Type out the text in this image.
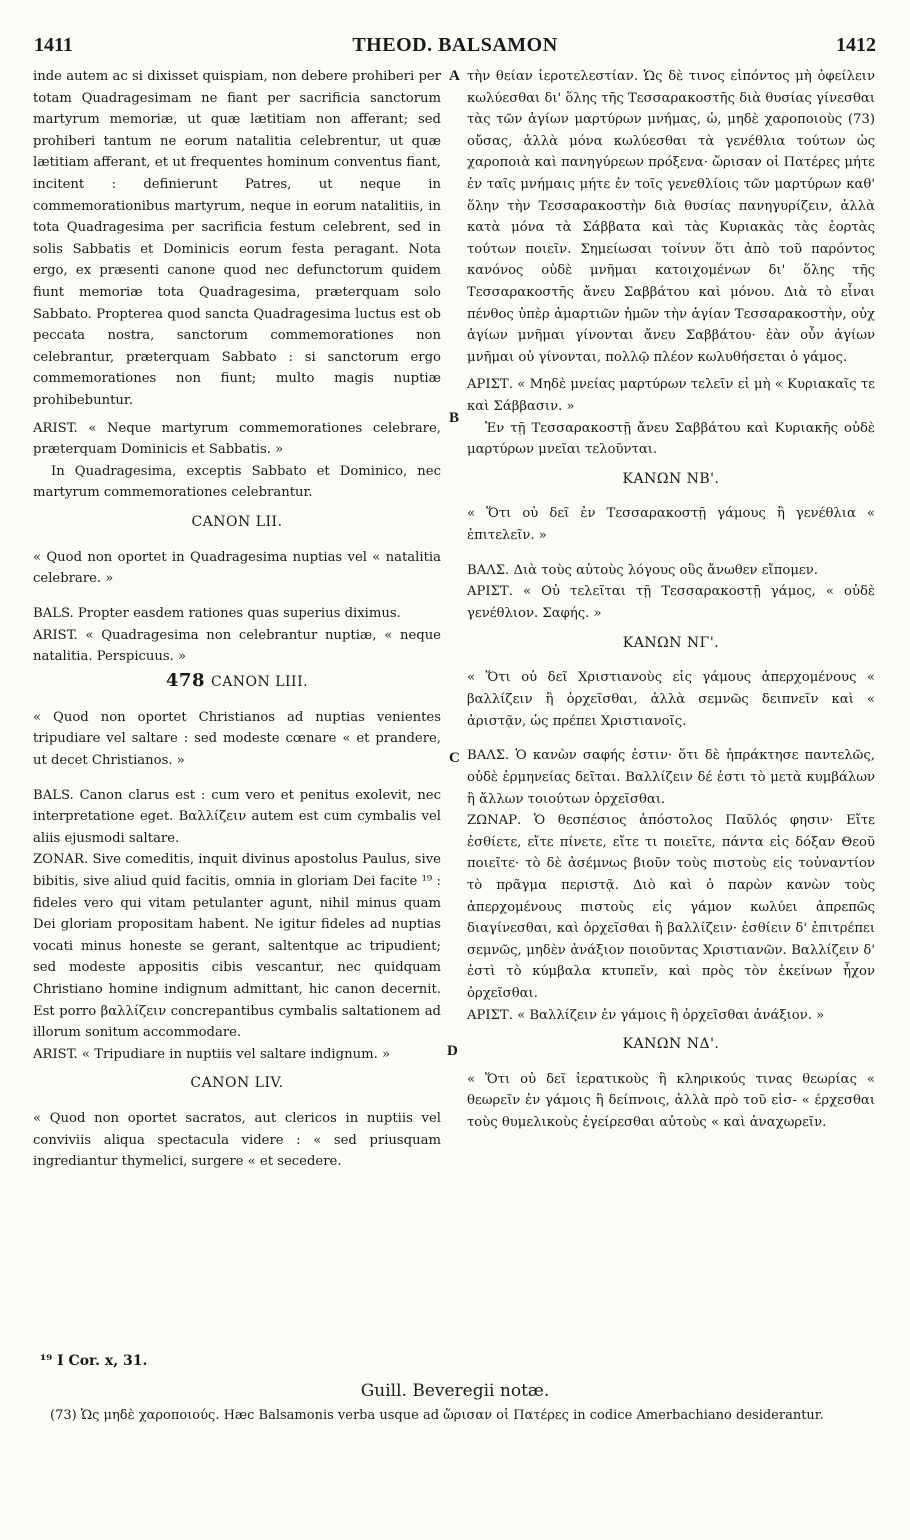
1411	THEOD. BALSAMON	1412
A
B
C
D

inde autem ac si dixisset quispiam, non debere prohiberi per totam Quadragesimam ne fiant per sacrificia sanctorum martyrum memoriæ, ut quæ lætitiam non afferant; sed prohiberi tantum ne eorum natalitia celebrentur, ut quæ lætitiam afferant, et ut frequentes hominum conventus fiant, incitent : definierunt Patres, ut neque in commemorationibus martyrum, neque in eorum natalitiis, in tota Quadragesima per sacrificia festum celebrent, sed in solis Sabbatis et Dominicis eorum festa peragant. Nota ergo, ex præsenti canone quod nec defunctorum quidem fiunt memoriæ tota Quadragesima, præterquam solo Sabbato. Propterea quod sancta Quadragesima luctus est ob peccata nostra, sanctorum commemorationes non celebrantur, præterquam Sabbato : si sanctorum ergo commemorationes non fiunt; multo magis nuptiæ prohibebuntur.

ARIST. « Neque martyrum commemorationes celebrare, præterquam Dominicis et Sabbatis. »

In Quadragesima, exceptis Sabbato et Dominico, nec martyrum commemorationes celebrantur.

CANON LII.

« Quod non oportet in Quadragesima nuptias vel « natalitia celebrare. »

BALS. Propter easdem rationes quas superius diximus.

ARIST. « Quadragesima non celebrantur nuptiæ, « neque natalitia. Perspicuus. »

478 CANON LIII.

« Quod non oportet Christianos ad nuptias venientes tripudiare vel saltare : sed modeste cœnare « et prandere, ut decet Christianos. »

BALS. Canon clarus est : cum vero et penitus exolevit, nec interpretatione eget. Βαλλίζειν autem est cum cymbalis vel aliis ejusmodi saltare.

ZONAR. Sive comeditis, inquit divinus apostolus Paulus, sive bibitis, sive aliud quid facitis, omnia in gloriam Dei facite ¹⁹ : fideles vero qui vitam petulanter agunt, nihil minus quam Dei gloriam propositam habent. Ne igitur fideles ad nuptias vocati minus honeste se gerant, saltentque ac tripudient; sed modeste appositis cibis vescantur, nec quidquam Christiano homine indignum admittant, hic canon decernit. Est porro βαλλίζειν concrepantibus cymbalis saltationem ad illorum sonitum accommodare.

ARIST. « Tripudiare in nuptiis vel saltare indignum. »

CANON LIV.

« Quod non oportet sacratos, aut clericos in nuptiis vel conviviis aliqua spectacula videre : « sed priusquam ingrediantur thymelici, surgere « et secedere.

τὴν θείαν ἱεροτελεστίαν. Ὡς δὲ τινος εἰπόντος μὴ ὀφείλειν κωλύεσθαι δι' ὅλης τῆς Τεσσαρακοστῆς διὰ θυσίας γίνεσθαι τὰς τῶν ἁγίων μαρτύρων μνήμας, ὡ, μηδὲ χαροποιοὺς (73) οὔσας, ἀλλὰ μόνα κωλύεσθαι τὰ γενέθλια τούτων ὡς χαροποιὰ καὶ πανηγύρεων πρόξενα· ὥρισαν οἱ Πατέρες μήτε ἐν ταῖς μνήμαις μήτε ἐν τοῖς γενεθλίοις τῶν μαρτύρων καθ' ὅλην τὴν Τεσσαρακοστὴν διὰ θυσίας πανηγυρίζειν, ἀλλὰ κατὰ μόνα τὰ Σάββατα καὶ τὰς Κυριακὰς τὰς ἑορτὰς τούτων ποιεῖν. Σημείωσαι τοίνυν ὅτι ἀπὸ τοῦ παρόντος κανόνος οὐδὲ μνῆμαι κατοιχομένων δι' ὅλης τῆς Τεσσαρακοστῆς ἄνευ Σαββάτου καὶ μόνου. Διὰ τὸ εἶναι πένθος ὑπὲρ ἁμαρτιῶν ἡμῶν τὴν ἁγίαν Τεσσαρακοστὴν, οὐχ ἁγίων μνῆμαι γίνονται ἄνευ Σαββάτου· ἐὰν οὖν ἁγίων μνῆμαι οὐ γίνονται, πολλῷ πλέον κωλυθήσεται ὁ γάμος.

ΑΡΙΣΤ. « Μηδὲ μνείας μαρτύρων τελεῖν εἰ μὴ « Κυριακαῖς τε καὶ Σάββασιν. »

Ἐν τῇ Τεσσαρακοστῇ ἄνευ Σαββάτου καὶ Κυριακῆς οὐδὲ μαρτύρων μνεῖαι τελοῦνται.

ΚΑΝΩΝ ΝΒ'.

« Ὅτι οὐ δεῖ ἐν Τεσσαρακοστῇ γάμους ἢ γενέθλια « ἐπιτελεῖν. »

ΒΑΛΣ. Διὰ τοὺς αὐτοὺς λόγους οὓς ἄνωθεν εἴπομεν.

ΑΡΙΣΤ. « Οὐ τελεῖται τῇ Τεσσαρακοστῇ γάμος, « οὐδὲ γενέθλιον. Σαφής. »

ΚΑΝΩΝ ΝΓ'.

« Ὅτι οὐ δεῖ Χριστιανοὺς εἰς γάμους ἀπερχομένους « βαλλίζειν ἢ ὀρχεῖσθαι, ἀλλὰ σεμνῶς δειπνεῖν καὶ « ἀριστᾷν, ὡς πρέπει Χριστιανοῖς.

ΒΑΛΣ. Ὁ κανὼν σαφής ἐστιν· ὅτι δὲ ἠπράκτησε παντελῶς, οὐδὲ ἑρμηνείας δεῖται. Βαλλίζειν δέ ἐστι τὸ μετὰ κυμβάλων ἢ ἄλλων τοιούτων ὀρχεῖσθαι.

ΖΩΝΑΡ. Ὁ θεσπέσιος ἀπόστολος Παῦλός φησιν· Εἴτε ἐσθίετε, εἴτε πίνετε, εἴτε τι ποιεῖτε, πάντα εἰς δόξαν Θεοῦ ποιεῖτε· τὸ δὲ ἀσέμνως βιοῦν τοὺς πιστοὺς εἰς τοὐναντίον τὸ πρᾶγμα περιστᾷ. Διὸ καὶ ὁ παρὼν κανὼν τοὺς ἀπερχομένους πιστοὺς εἰς γάμον κωλύει ἀπρεπῶς διαγίνεσθαι, καὶ ὀρχεῖσθαι ἢ βαλλίζειν· ἐσθίειν δ' ἐπιτρέπει σεμνῶς, μηδὲν ἀνάξιον ποιοῦντας Χριστιανῶν. Βαλλίζειν δ' ἐστὶ τὸ κύμβαλα κτυπεῖν, καὶ πρὸς τὸν ἐκείνων ἦχον ὀρχεῖσθαι.

ΑΡΙΣΤ. « Βαλλίζειν ἐν γάμοις ἢ ὀρχεῖσθαι ἀνάξιον. »

ΚΑΝΩΝ ΝΔ'.

« Ὅτι οὐ δεῖ ἱερατικοὺς ἢ κληρικούς τινας θεωρίας « θεωρεῖν ἐν γάμοις ἢ δείπνοις, ἀλλὰ πρὸ τοῦ εἰσ- « έρχεσθαι τοὺς θυμελικοὺς ἐγείρεσθαι αὐτοὺς « καὶ ἀναχωρεῖν.

¹⁹ I Cor. x, 31.
Guill. Beveregii notæ.
(73) Ὡς μηδὲ χαροποιούς. Hæc Balsamonis verba usque ad ὥρισαν οἱ Πατέρες in codice Amerbachiano desiderantur.
